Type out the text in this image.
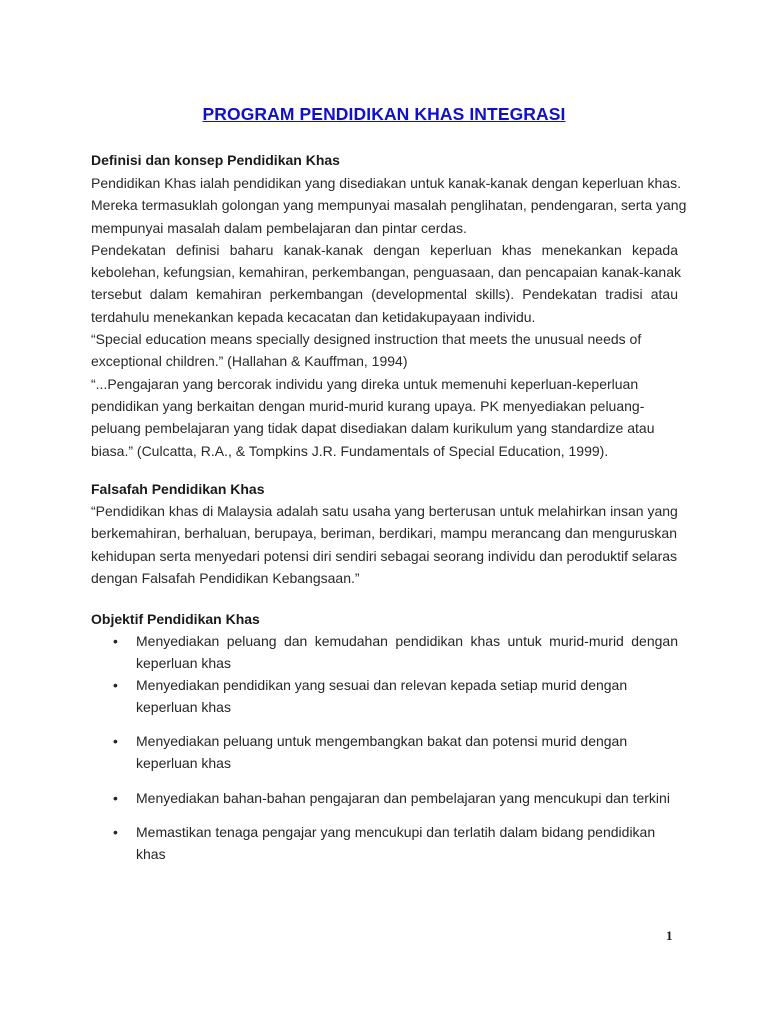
PROGRAM PENDIDIKAN KHAS INTEGRASI
Definisi dan konsep Pendidikan Khas
Pendidikan Khas ialah pendidikan yang disediakan untuk kanak-kanak dengan keperluan khas.
Mereka termasuklah golongan yang mempunyai masalah penglihatan, pendengaran, serta yang
mempunyai masalah dalam pembelajaran dan pintar cerdas.
Pendekatan definisi baharu kanak-kanak dengan keperluan khas menekankan kepada
kebolehan, kefungsian, kemahiran, perkembangan, penguasaan, dan pencapaian kanak-kanak
tersebut dalam kemahiran perkembangan (developmental skills). Pendekatan tradisi atau
terdahulu menekankan kepada kecacatan dan ketidakupayaan individu.
“Special education means specially designed instruction that meets the unusual needs of
exceptional children.” (Hallahan & Kauffman, 1994)
“...Pengajaran yang bercorak individu yang direka untuk memenuhi keperluan-keperluan
pendidikan yang berkaitan dengan murid-murid kurang upaya. PK menyediakan peluang-
peluang pembelajaran yang tidak dapat disediakan dalam kurikulum yang standardize atau
biasa.” (Culcatta, R.A., & Tompkins J.R. Fundamentals of Special Education, 1999).
Falsafah Pendidikan Khas
“Pendidikan khas di Malaysia adalah satu usaha yang berterusan untuk melahirkan insan yang
berkemahiran, berhaluan, berupaya, beriman, berdikari, mampu merancang dan menguruskan
kehidupan serta menyedari potensi diri sendiri sebagai seorang individu dan peroduktif selaras
dengan Falsafah Pendidikan Kebangsaan.”
Objektif Pendidikan Khas
• Menyediakan peluang dan kemudahan pendidikan khas untuk murid-murid dengan
keperluan khas
• Menyediakan pendidikan yang sesuai dan relevan kepada setiap murid dengan
keperluan khas
• Menyediakan peluang untuk mengembangkan bakat dan potensi murid dengan
keperluan khas
• Menyediakan bahan-bahan pengajaran dan pembelajaran yang mencukupi dan terkini
• Memastikan tenaga pengajar yang mencukupi dan terlatih dalam bidang pendidikan
khas
1
